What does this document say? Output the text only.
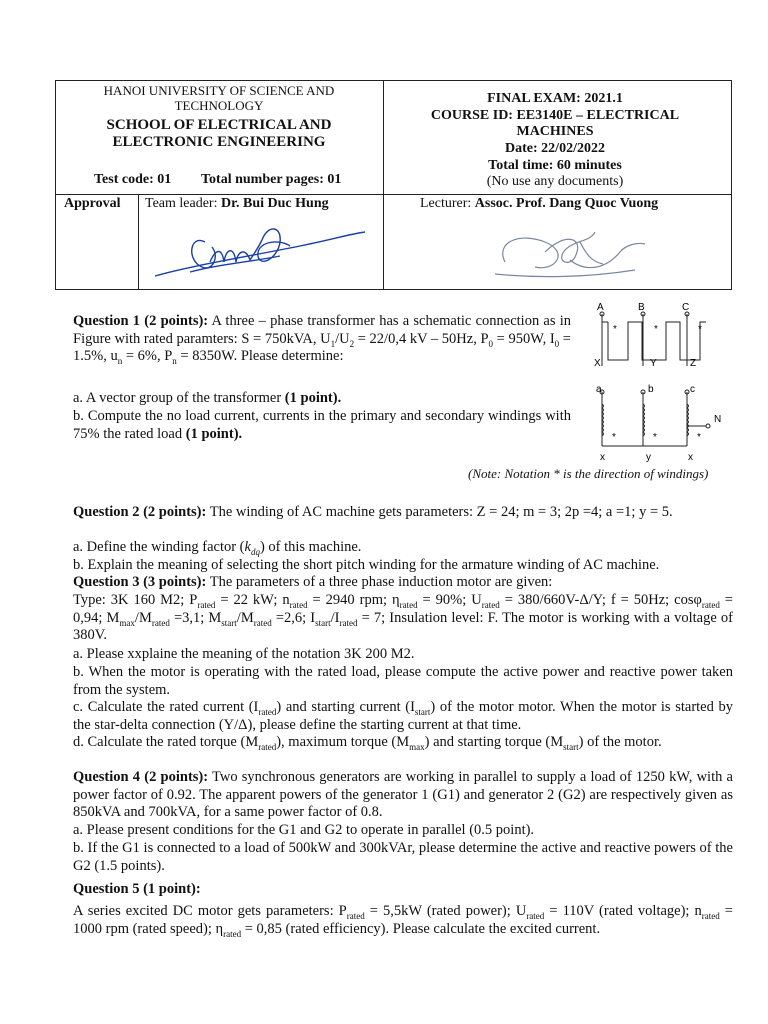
HANOI UNIVERSITY OF SCIENCE AND TECHNOLOGY
SCHOOL OF ELECTRICAL AND ELECTRONIC ENGINEERING
Test code: 01 Total number pages: 01
FINAL EXAM: 2021.1
COURSE ID: EE3140E – ELECTRICAL MACHINES
Date: 22/02/2022
Total time: 60 minutes
(No use any documents)
Approval Team leader: Dr. Bui Duc Hung	Lecturer: Assoc. Prof. Dang Quoc Vuong
Question 1 (2 points): A three – phase transformer has a schematic connection as in Figure with rated paramters: S = 750kVA, $U_1/U_2 = 22/0,4$ kV – 50Hz, $P_0 = 950W$, $I_0 = 1.5\%$, $u_n = 6\%$, $P_n = 8350W$. Please determine:
a. A vector group of the transformer (1 point).
b. Compute the no load current, currents in the primary and secondary windings with 75% the rated load (1 point).
(Note: Notation * is the direction of windings)
A	B	C
X	Y	Z
a	b	c
N
x	y	x
*	*	*
*	*	*
Question 2 (2 points): The winding of AC machine gets parameters: Z = 24; m = 3; 2p =4; a =1; y = 5.
a. Define the winding factor $(k_{dq})$ of this machine.
b. Explain the meaning of selecting the short pitch winding for the armature winding of AC machine.
Question 3 (3 points): The parameters of a three phase induction motor are given:
Type: 3K 160 M2; $P_{rated} = 22$ kW; $n_{rated} = 2940$ rpm; $\eta_{rated} = 90\%$; $U_{rated} = 380/660V-\Delta/Y$; f = 50Hz; cosφ$_{rated}$ = 0,94; $M_{max}/M_{rated} =3,1$; $M_{start}/M_{rated} =2,6$; $I_{start}/I_{rated} = 7$; Insulation level: F. The motor is working with a voltage of 380V.
a. Please xxplaine the meaning of the notation 3K 200 M2.
b. When the motor is operating with the rated load, please compute the active power and reactive power taken from the system.
c. Calculate the rated current $(I_{rated})$ and starting current $(I_{start})$ of the motor motor. When the motor is started by the star-delta connection (Y/Δ), please define the starting current at that time.
d. Calculate the rated torque $(M_{rated})$, maximum torque $(M_{max})$ and starting torque $(M_{start})$ of the motor.
Question 4 (2 points): Two synchronous generators are working in parallel to supply a load of 1250 kW, with a power factor of 0.92. The apparent powers of the generator 1 (G1) and generator 2 (G2) are respectively given as 850kVA and 700kVA, for a same power factor of 0.8.
a. Please present conditions for the G1 and G2 to operate in parallel (0.5 point).
b. If the G1 is connected to a load of 500kW and 300kVAr, please determine the active and reactive powers of the G2 (1.5 points).
Question 5 (1 point):
A series excited DC motor gets parameters: $P_{rated} = 5,5kW$ (rated power); $U_{rated} = 110V$ (rated voltage); $n_{rated} = 1000$ rpm (rated speed); $\eta_{rated} = 0,85$ (rated efficiency). Please calculate the excited current.
